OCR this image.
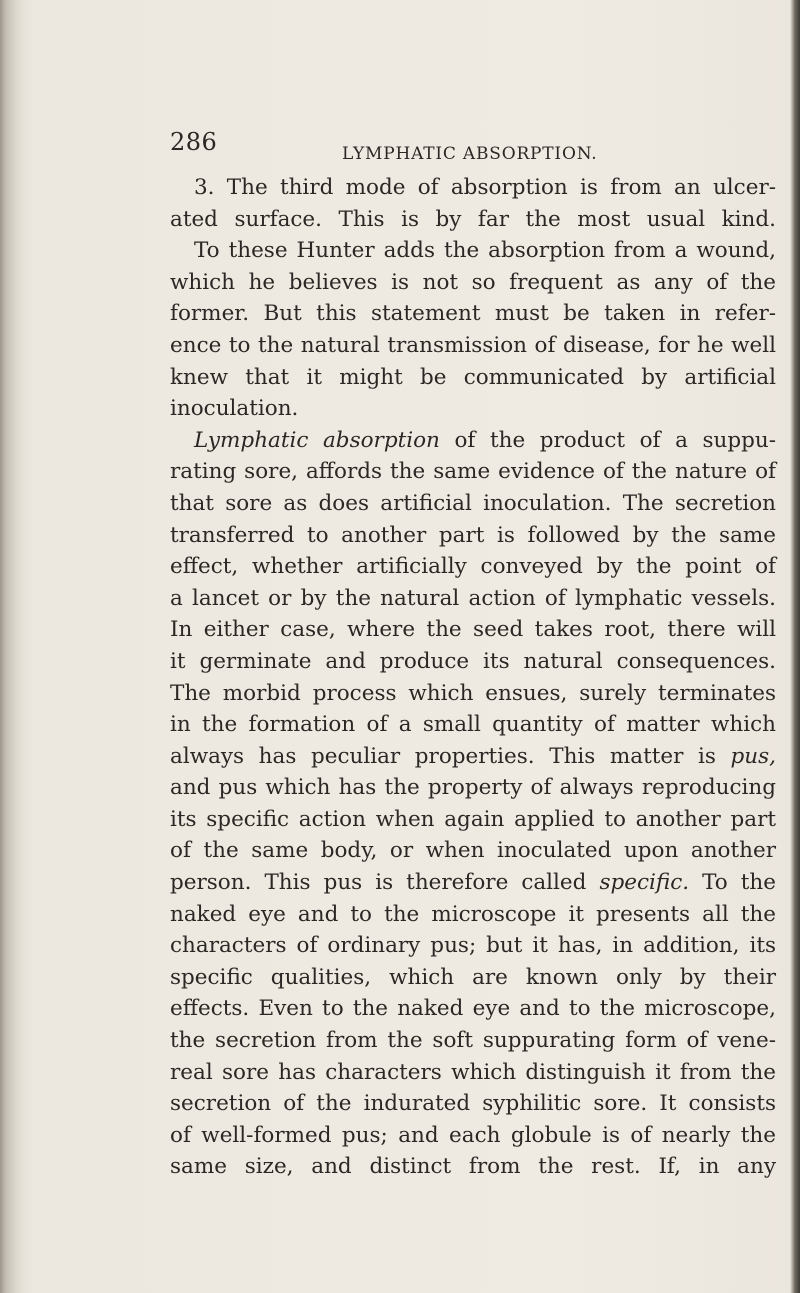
286	LYMPHATIC ABSORPTION.
3. The third mode of absorption is from an ulcer-
ated surface. This is by far the most usual kind.
To these Hunter adds the absorption from a wound,
which he believes is not so frequent as any of the
former. But this statement must be taken in refer-
ence to the natural transmission of disease, for he well
knew that it might be communicated by artificial
inoculation.
Lymphatic absorption of the product of a suppu-
rating sore, affords the same evidence of the nature of
that sore as does artificial inoculation. The secretion
transferred to another part is followed by the same
effect, whether artificially conveyed by the point of
a lancet or by the natural action of lymphatic vessels.
In either case, where the seed takes root, there will
it germinate and produce its natural consequences.
The morbid process which ensues, surely terminates
in the formation of a small quantity of matter which
always has peculiar properties. This matter is pus,
and pus which has the property of always reproducing
its specific action when again applied to another part
of the same body, or when inoculated upon another
person. This pus is therefore called specific. To the
naked eye and to the microscope it presents all the
characters of ordinary pus; but it has, in addition, its
specific qualities, which are known only by their
effects. Even to the naked eye and to the microscope,
the secretion from the soft suppurating form of vene-
real sore has characters which distinguish it from the
secretion of the indurated syphilitic sore. It consists
of well-formed pus; and each globule is of nearly the
same size, and distinct from the rest. If, in any
